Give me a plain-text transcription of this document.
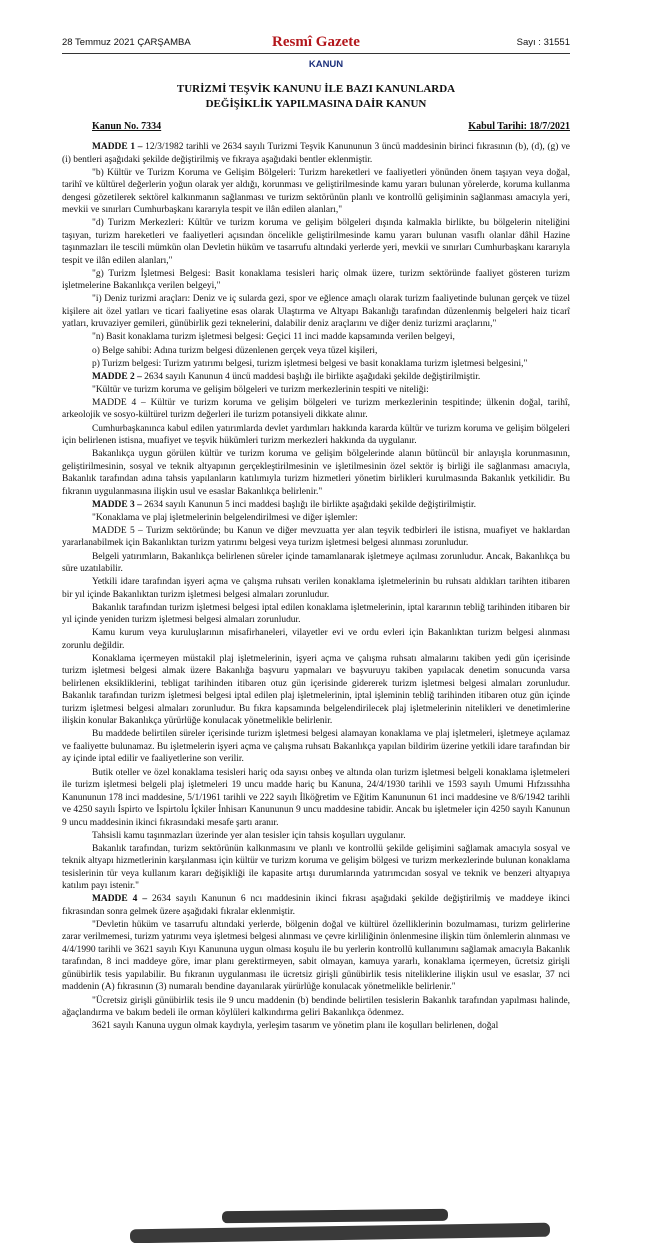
28 Temmuz 2021 ÇARŞAMBA	Resmî Gazete	Sayı : 31551
KANUN
TURİZMİ TEŞVİK KANUNU İLE BAZI KANUNLARDA
DEĞİŞİKLİK YAPILMASINA DAİR KANUN
Kanun No. 7334	Kabul Tarihi: 18/7/2021

MADDE 1 – 12/3/1982 tarihli ve 2634 sayılı Turizmi Teşvik Kanununun 3 üncü maddesinin birinci fıkrasının (b), (d), (g) ve (i) bentleri aşağıdaki şekilde değiştirilmiş ve fıkraya aşağıdaki bentler eklenmiştir.

"b) Kültür ve Turizm Koruma ve Gelişim Bölgeleri: Turizm hareketleri ve faaliyetleri yönünden önem taşıyan veya doğal, tarihî ve kültürel değerlerin yoğun olarak yer aldığı, korunması ve geliştirilmesinde kamu yararı bulunan yörelerde, koruma kullanma dengesi gözetilerek sektörel kalkınmanın sağlanması ve turizm sektörünün planlı ve kontrollü gelişiminin sağlanması amacıyla yeri, mevkii ve sınırları Cumhurbaşkanı kararıyla tespit ve ilân edilen alanları,"

"d) Turizm Merkezleri: Kültür ve turizm koruma ve gelişim bölgeleri dışında kalmakla birlikte, bu bölgelerin niteliğini taşıyan, turizm hareketleri ve faaliyetleri açısından öncelikle geliştirilmesinde kamu yararı bulunan vasıflı olanlar dâhil Hazine taşınmazları ile tescili mümkün olan Devletin hüküm ve tasarrufu altındaki yerlerde yeri, mevkii ve sınırları Cumhurbaşkanı kararıyla tespit ve ilân edilen alanları,"

"g) Turizm İşletmesi Belgesi: Basit konaklama tesisleri hariç olmak üzere, turizm sektöründe faaliyet gösteren turizm işletmelerine Bakanlıkça verilen belgeyi,"

"i) Deniz turizmi araçları: Deniz ve iç sularda gezi, spor ve eğlence amaçlı olarak turizm faaliyetinde bulunan gerçek ve tüzel kişilere ait özel yatları ve ticari faaliyetine esas olarak Ulaştırma ve Altyapı Bakanlığı tarafından düzenlenmiş belgeleri haiz ticarî yatları, kruvaziyer gemileri, günübirlik gezi teknelerini, dalabilir deniz araçlarını ve diğer deniz turizmi araçlarını,"

"n) Basit konaklama turizm işletmesi belgesi: Geçici 11 inci madde kapsamında verilen belgeyi,

o) Belge sahibi: Adına turizm belgesi düzenlenen gerçek veya tüzel kişileri,

p) Turizm belgesi: Turizm yatırımı belgesi, turizm işletmesi belgesi ve basit konaklama turizm işletmesi belgesini,"

MADDE 2 – 2634 sayılı Kanunun 4 üncü maddesi başlığı ile birlikte aşağıdaki şekilde değiştirilmiştir.

"Kültür ve turizm koruma ve gelişim bölgeleri ve turizm merkezlerinin tespiti ve niteliği:

MADDE 4 – Kültür ve turizm koruma ve gelişim bölgeleri ve turizm merkezlerinin tespitinde; ülkenin doğal, tarihî, arkeolojik ve sosyo-kültürel turizm değerleri ile turizm potansiyeli dikkate alınır.

Cumhurbaşkanınca kabul edilen yatırımlarda devlet yardımları hakkında kararda kültür ve turizm koruma ve gelişim bölgeleri için belirlenen istisna, muafiyet ve teşvik hükümleri turizm merkezleri hakkında da uygulanır.

Bakanlıkça uygun görülen kültür ve turizm koruma ve gelişim bölgelerinde alanın bütüncül bir anlayışla korunmasının, geliştirilmesinin, sosyal ve teknik altyapının gerçekleştirilmesinin ve işletilmesinin özel sektör iş birliği ile sağlanması amacıyla, Bakanlık tarafından adına tahsis yapılanların katılımıyla turizm hizmetleri yönetim birlikleri kurulmasında Bakanlık yetkilidir. Bu fıkranın uygulanmasına ilişkin usul ve esaslar Bakanlıkça belirlenir."

MADDE 3 – 2634 sayılı Kanunun 5 inci maddesi başlığı ile birlikte aşağıdaki şekilde değiştirilmiştir.

"Konaklama ve plaj işletmelerinin belgelendirilmesi ve diğer işlemler:

MADDE 5 – Turizm sektöründe; bu Kanun ve diğer mevzuatta yer alan teşvik tedbirleri ile istisna, muafiyet ve haklardan yararlanabilmek için Bakanlıktan turizm yatırımı belgesi veya turizm işletmesi belgesi alınması zorunludur.

Belgeli yatırımların, Bakanlıkça belirlenen süreler içinde tamamlanarak işletmeye açılması zorunludur. Ancak, Bakanlıkça bu süre uzatılabilir.

Yetkili idare tarafından işyeri açma ve çalışma ruhsatı verilen konaklama işletmelerinin bu ruhsatı aldıkları tarihten itibaren bir yıl içinde Bakanlıktan turizm işletmesi belgesi almaları zorunludur.

Bakanlık tarafından turizm işletmesi belgesi iptal edilen konaklama işletmelerinin, iptal kararının tebliğ tarihinden itibaren bir yıl içinde yeniden turizm işletmesi belgesi almaları zorunludur.

Kamu kurum veya kuruluşlarının misafirhaneleri, vilayetler evi ve ordu evleri için Bakanlıktan turizm belgesi alınması zorunlu değildir.

Konaklama içermeyen müstakil plaj işletmelerinin, işyeri açma ve çalışma ruhsatı almalarını takiben yedi gün içerisinde turizm işletmesi belgesi almak üzere Bakanlığa başvuru yapmaları ve başvuruyu takiben yapılacak denetim sonucunda varsa belirlenen eksikliklerini, tebligat tarihinden itibaren otuz gün içerisinde gidererek turizm işletmesi belgesi almaları zorunludur. Bakanlık tarafından turizm işletmesi belgesi iptal edilen plaj işletmelerinin, iptal işleminin tebliğ tarihinden itibaren otuz gün içinde turizm işletmesi belgesi almaları zorunludur. Bu fıkra kapsamında belgelendirilecek plaj işletmelerinin nitelikleri ve denetimlerine ilişkin konular Bakanlıkça yürürlüğe konulacak yönetmelikle belirlenir.

Bu maddede belirtilen süreler içerisinde turizm işletmesi belgesi alamayan konaklama ve plaj işletmeleri, işletmeye açılamaz ve faaliyette bulunamaz. Bu işletmelerin işyeri açma ve çalışma ruhsatı Bakanlıkça yapılan bildirim üzerine yetkili idare tarafından bir ay içinde iptal edilir ve faaliyetlerine son verilir.

Butik oteller ve özel konaklama tesisleri hariç oda sayısı onbeş ve altında olan turizm işletmesi belgeli konaklama işletmeleri ile turizm işletmesi belgeli plaj işletmeleri 19 uncu madde hariç bu Kanuna, 24/4/1930 tarihli ve 1593 sayılı Umumi Hıfzıssıhha Kanununun 178 inci maddesine, 5/1/1961 tarihli ve 222 sayılı İlköğretim ve Eğitim Kanununun 61 inci maddesine ve 8/6/1942 tarihli ve 4250 sayılı İspirto ve İspirtolu İçkiler İnhisarı Kanununun 9 uncu maddesine tabidir. Ancak bu işletmeler için 4250 sayılı Kanunun 9 uncu maddesinin ikinci fıkrasındaki mesafe şartı aranır.

Tahsisli kamu taşınmazları üzerinde yer alan tesisler için tahsis koşulları uygulanır.

Bakanlık tarafından, turizm sektörünün kalkınmasını ve planlı ve kontrollü şekilde gelişimini sağlamak amacıyla sosyal ve teknik altyapı hizmetlerinin karşılanması için kültür ve turizm koruma ve gelişim bölgesi ve turizm merkezlerinde bulunan konaklama tesislerinin tür veya kullanım kararı değişikliği ile kapasite artışı durumlarında yatırımcıdan sosyal ve teknik ve benzeri altyapıya katılım payı istenir."

MADDE 4 – 2634 sayılı Kanunun 6 ncı maddesinin ikinci fıkrası aşağıdaki şekilde değiştirilmiş ve maddeye ikinci fıkrasından sonra gelmek üzere aşağıdaki fıkralar eklenmiştir.

"Devletin hüküm ve tasarrufu altındaki yerlerde, bölgenin doğal ve kültürel özelliklerinin bozulmaması, turizm gelirlerine zarar verilmemesi, turizm yatırımı veya işletmesi belgesi alınması ve çevre kirliliğinin önlenmesine ilişkin tüm önlemlerin alınması ve 4/4/1990 tarihli ve 3621 sayılı Kıyı Kanununa uygun olması koşulu ile bu yerlerin kontrollü kullanımını sağlamak amacıyla Bakanlık tarafından, 8 inci maddeye göre, imar planı gerektirmeyen, sabit olmayan, kamuya yararlı, konaklama içermeyen, ücretsiz girişli günübirlik tesis yapılabilir. Bu fıkranın uygulanması ile ücretsiz girişli günübirlik tesis niteliklerine ilişkin usul ve esaslar, 37 nci maddenin (A) fıkrasının (3) numaralı bendine dayanılarak yürürlüğe konulacak yönetmelikle belirlenir."

"Ücretsiz girişli günübirlik tesis ile 9 uncu maddenin (b) bendinde belirtilen tesislerin Bakanlık tarafından yapılması halinde, ağaçlandırma ve bakım bedeli ile orman köylüleri kalkındırma geliri Bakanlıkça ödenmez.

3621 sayılı Kanuna uygun olmak kaydıyla, yerleşim tasarım ve yönetim planı ile koşulları belirlenen, doğal
